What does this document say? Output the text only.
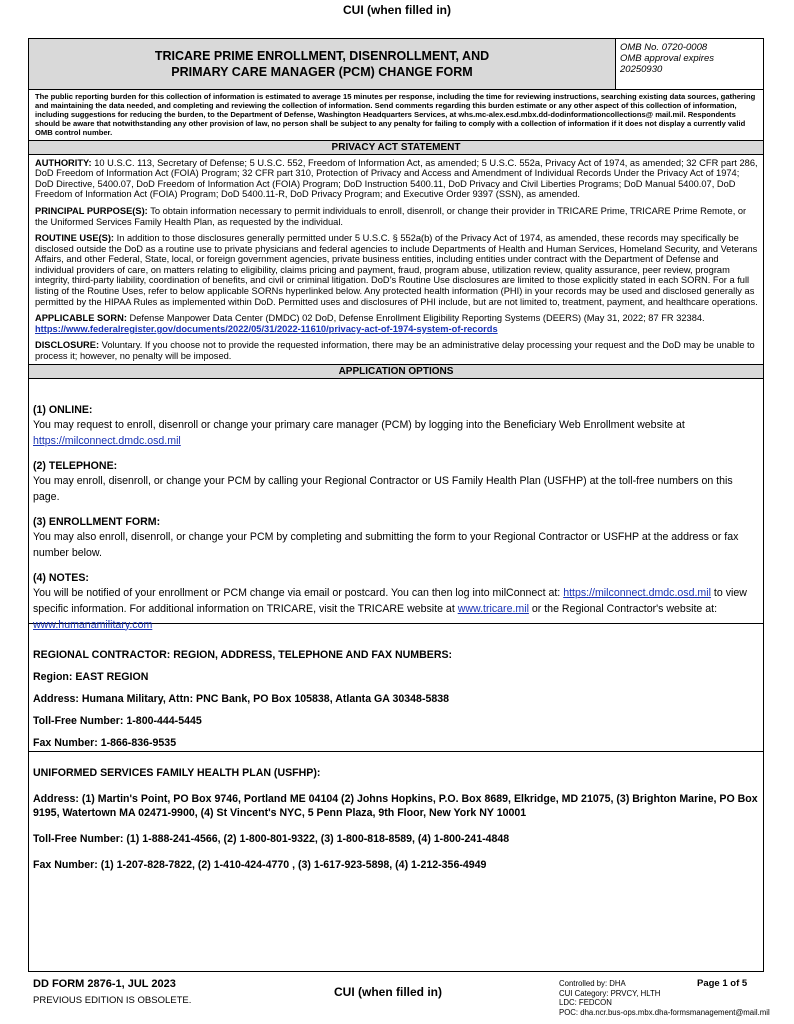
CUI (when filled in)
TRICARE PRIME ENROLLMENT, DISENROLLMENT, AND
PRIMARY CARE MANAGER (PCM) CHANGE FORM
OMB No. 0720-0008
OMB approval expires
20250930
The public reporting burden for this collection of information is estimated to average 15 minutes per response, including the time for reviewing instructions, searching existing data sources, gathering and maintaining the data needed, and completing and reviewing the collection of information. Send comments regarding this burden estimate or any other aspect of this collection of information, including suggestions for reducing the burden, to the Department of Defense, Washington Headquarters Services, at whs.mc-alex.esd.mbx.dd-dodinformationcollections@ mail.mil. Respondents should be aware that notwithstanding any other provision of law, no person shall be subject to any penalty for failing to comply with a collection of information if it does not display a currently valid OMB control number.
PRIVACY ACT STATEMENT

AUTHORITY: 10 U.S.C. 113, Secretary of Defense; 5 U.S.C. 552, Freedom of Information Act, as amended; 5 U.S.C. 552a, Privacy Act of 1974, as amended; 32 CFR part 286, DoD Freedom of Information Act (FOIA) Program; 32 CFR part 310, Protection of Privacy and Access and Amendment of Individual Records Under the Privacy Act of 1974; DoD Directive, 5400.07, DoD Freedom of Information Act (FOIA) Program; DoD Instruction 5400.11, DoD Privacy and Civil Liberties Programs; DoD Manual 5400.07, DoD Freedom of Information Act (FOIA) Program; DoD 5400.11-R, DoD Privacy Program; and Executive Order 9397 (SSN), as amended.

PRINCIPAL PURPOSE(S): To obtain information necessary to permit individuals to enroll, disenroll, or change their provider in TRICARE Prime, TRICARE Prime Remote, or the Uniformed Services Family Health Plan, as requested by the individual.

ROUTINE USE(S): In addition to those disclosures generally permitted under 5 U.S.C. § 552a(b) of the Privacy Act of 1974, as amended, these records may specifically be disclosed outside the DoD as a routine use to private physicians and federal agencies to include Departments of Health and Human Services, Homeland Security, and Veterans Affairs, and other Federal, State, local, or foreign government agencies, private business entities, including entities under contract with the Department of Defense and individual providers of care, on matters relating to eligibility, claims pricing and payment, fraud, program abuse, utilization review, quality assurance, peer review, program integrity, third-party liability, coordination of benefits, and civil or criminal litigation. DoD’s Routine Use disclosures are limited to those explicitly stated in each SORN. For a full listing of the Routine Uses, refer to below applicable SORNs hyperlinked below. Any protected health information (PHI) in your records may be used and disclosed generally as permitted by the HIPAA Rules as implemented within DoD. Permitted uses and disclosures of PHI include, but are not limited to, treatment, payment, and healthcare operations.

APPLICABLE SORN: Defense Manpower Data Center (DMDC) 02 DoD, Defense Enrollment Eligibility Reporting Systems (DEERS) (May 31, 2022; 87 FR 32384. https://www.federalregister.gov/documents/2022/05/31/2022-11610/privacy-act-of-1974-system-of-records

DISCLOSURE: Voluntary. If you choose not to provide the requested information, there may be an administrative delay processing your request and the DoD may be unable to process it; however, no penalty will be imposed.

APPLICATION OPTIONS
(1) ONLINE:
You may request to enroll, disenroll or change your primary care manager (PCM) by logging into the Beneficiary Web Enrollment website at https://milconnect.dmdc.osd.mil
(2) TELEPHONE:
You may enroll, disenroll, or change your PCM by calling your Regional Contractor or US Family Health Plan (USFHP) at the toll-free numbers on this page.
(3) ENROLLMENT FORM:
You may also enroll, disenroll, or change your PCM by completing and submitting the form to your Regional Contractor or USFHP at the address or fax number below.
(4) NOTES:
You will be notified of your enrollment or PCM change via email or postcard. You can then log into milConnect at: https://milconnect.dmdc.osd.mil to view specific information. For additional information on TRICARE, visit the TRICARE website at www.tricare.mil or the Regional Contractor's website at: www.humanamilitary.com
REGIONAL CONTRACTOR: REGION, ADDRESS, TELEPHONE AND FAX NUMBERS:
Region: EAST REGION
Address: Humana Military, Attn: PNC Bank, PO Box 105838, Atlanta GA 30348-5838
Toll-Free Number: 1-800-444-5445
Fax Number: 1-866-836-9535
UNIFORMED SERVICES FAMILY HEALTH PLAN (USFHP):
Address: (1) Martin's Point, PO Box 9746, Portland ME 04104 (2) Johns Hopkins, P.O. Box 8689, Elkridge, MD 21075, (3) Brighton Marine, PO Box 9195, Watertown MA 02471-9900, (4) St Vincent's NYC, 5 Penn Plaza, 9th Floor, New York NY 10001
Toll-Free Number: (1) 1-888-241-4566, (2) 1-800-801-9322, (3) 1-800-818-8589, (4) 1-800-241-4848
Fax Number: (1) 1-207-828-7822, (2) 1-410-424-4770 , (3) 1-617-923-5898, (4) 1-212-356-4949
DD FORM 2876-1, JUL 2023
PREVIOUS EDITION IS OBSOLETE.
CUI (when filled in)
Controlled by: DHA
CUI Category: PRVCY, HLTH
LDC: FEDCON
POC: dha.ncr.bus-ops.mbx.dha-formsmanagement@mail.mil
Page 1 of 5
